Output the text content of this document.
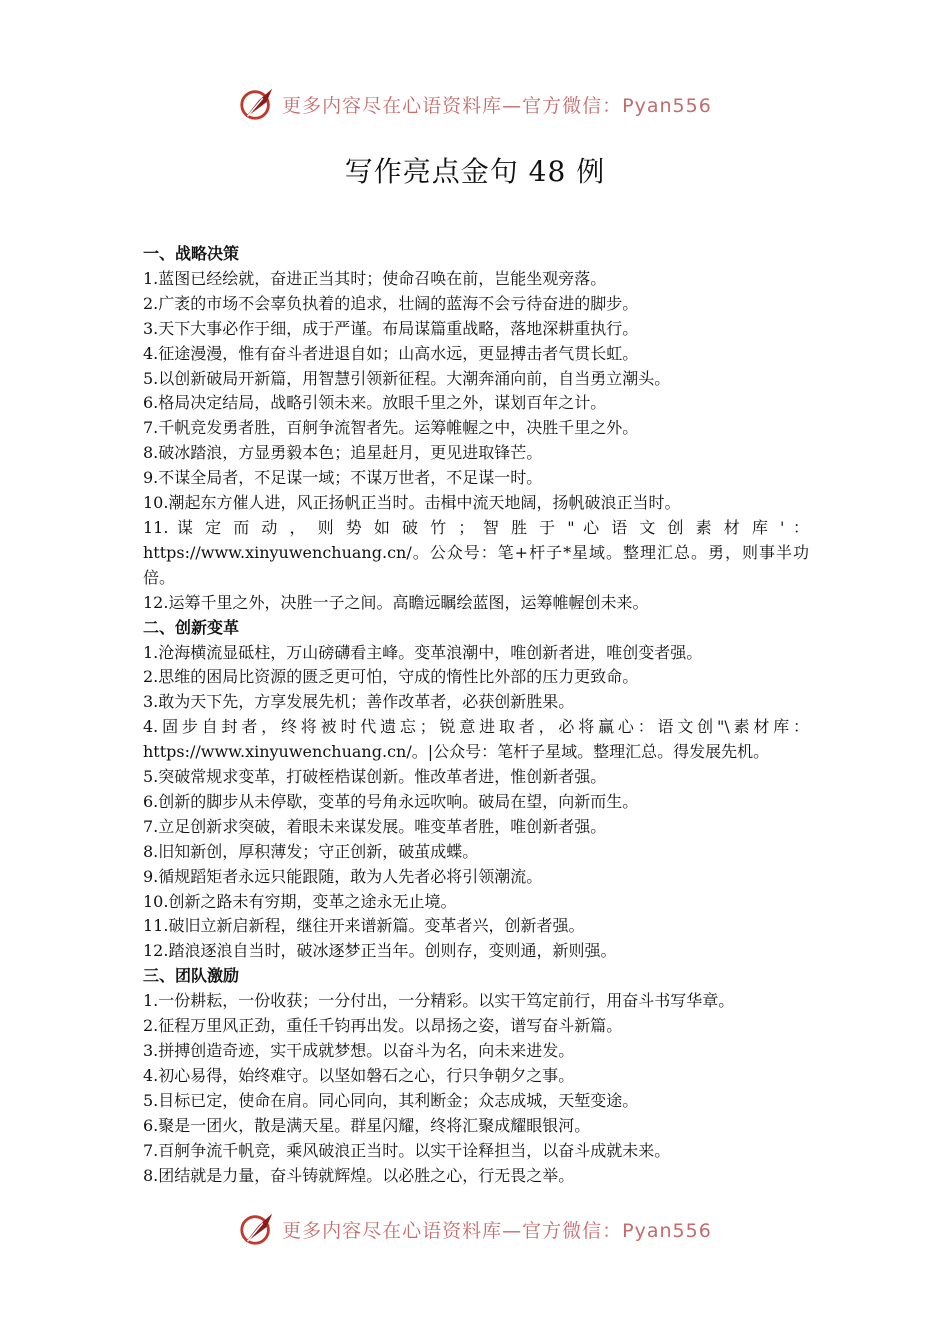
更多内容尽在心语资料库—官方微信：Pyan556
写作亮点金句 48 例
一、战略决策
1.蓝图已经绘就，奋进正当其时；使命召唤在前，岂能坐观旁落。
2.广袤的市场不会辜负执着的追求，壮阔的蓝海不会亏待奋进的脚步。
3.天下大事必作于细，成于严谨。布局谋篇重战略，落地深耕重执行。
4.征途漫漫，惟有奋斗者进退自如；山高水远，更显搏击者气贯长虹。
5.以创新破局开新篇，用智慧引领新征程。大潮奔涌向前，自当勇立潮头。
6.格局决定结局，战略引领未来。放眼千里之外，谋划百年之计。
7.千帆竞发勇者胜，百舸争流智者先。运筹帷幄之中，决胜千里之外。
8.破冰踏浪，方显勇毅本色；追星赶月，更见进取锋芒。
9.不谋全局者，不足谋一域；不谋万世者，不足谋一时。
10.潮起东方催人进，风正扬帆正当时。击楫中流天地阔，扬帆破浪正当时。
11. 谋 定 而 动 ， 则 势 如 破 竹 ； 智 胜 于 " 心 语 文 创 素 材 库 ' ： https://www.xinyuwenchuang.cn/。公众号：笔+杆子*星域。整理汇总。勇，则事半功倍。
12.运筹千里之外，决胜一子之间。高瞻远瞩绘蓝图，运筹帷幄创未来。
二、创新变革
1.沧海横流显砥柱，万山磅礴看主峰。变革浪潮中，唯创新者进，唯创变者强。
2.思维的困局比资源的匮乏更可怕，守成的惰性比外部的压力更致命。
3.敢为天下先，方享发展先机；善作改革者，必获创新胜果。
4.固步自封者，终将被时代遗忘；锐意进取者，必将赢心：语文创"\素材库： https://www.xinyuwenchuang.cn/。|公众号：笔杆子星域。整理汇总。得发展先机。
5.突破常规求变革，打破桎梏谋创新。惟改革者进，惟创新者强。
6.创新的脚步从未停歇，变革的号角永远吹响。破局在望，向新而生。
7.立足创新求突破，着眼未来谋发展。唯变革者胜，唯创新者强。
8.旧知新创，厚积薄发；守正创新，破茧成蝶。
9.循规蹈矩者永远只能跟随，敢为人先者必将引领潮流。
10.创新之路未有穷期，变革之途永无止境。
11.破旧立新启新程，继往开来谱新篇。变革者兴，创新者强。
12.踏浪逐浪自当时，破冰逐梦正当年。创则存，变则通，新则强。
三、团队激励
1.一份耕耘，一份收获；一分付出，一分精彩。以实干笃定前行，用奋斗书写华章。
2.征程万里风正劲，重任千钧再出发。以昂扬之姿，谱写奋斗新篇。
3.拼搏创造奇迹，实干成就梦想。以奋斗为名，向未来进发。
4.初心易得，始终难守。以坚如磐石之心，行只争朝夕之事。
5.目标已定，使命在肩。同心同向，其利断金；众志成城，天堑变途。
6.聚是一团火，散是满天星。群星闪耀，终将汇聚成耀眼银河。
7.百舸争流千帆竞，乘风破浪正当时。以实干诠释担当，以奋斗成就未来。
8.团结就是力量，奋斗铸就辉煌。以必胜之心，行无畏之举。
更多内容尽在心语资料库—官方微信：Pyan556
